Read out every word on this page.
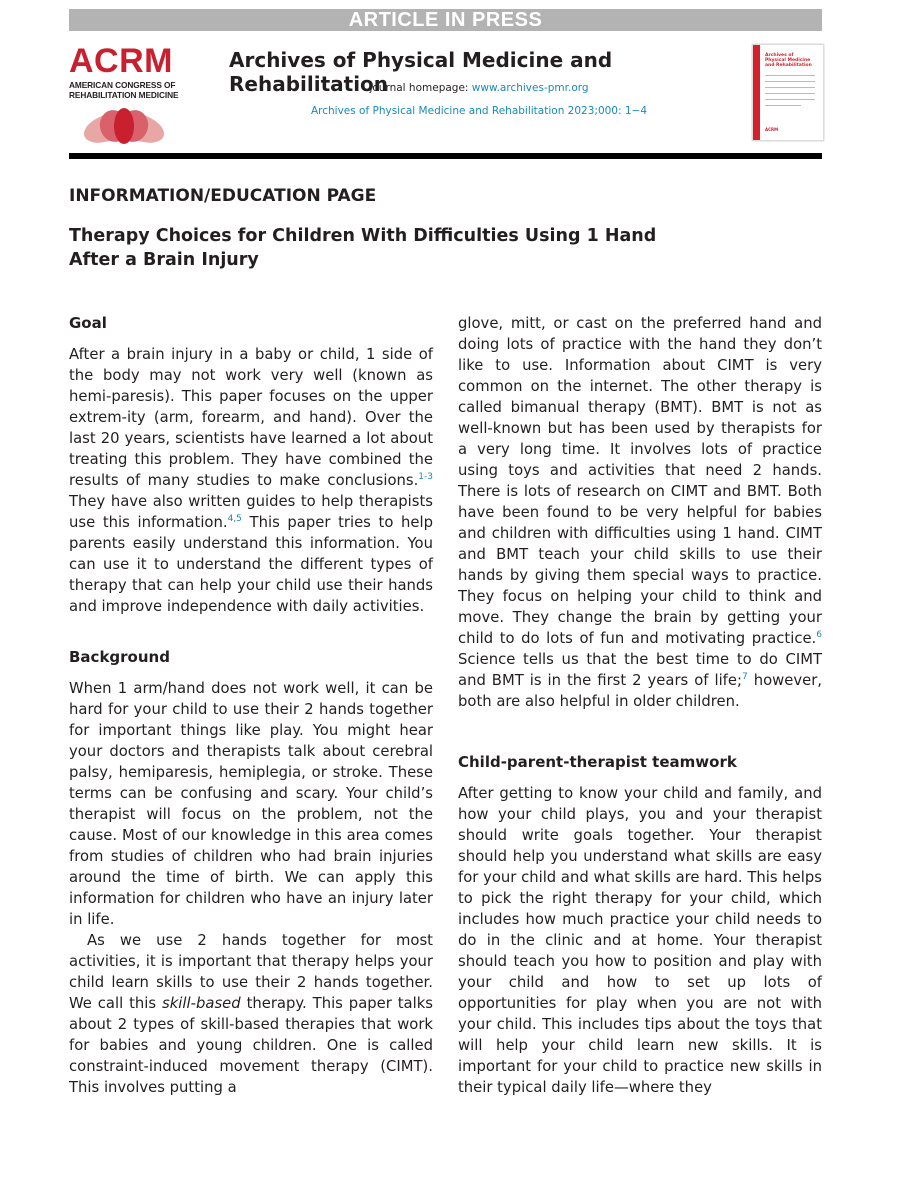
ARTICLE IN PRESS
ACRM
AMERICAN CONGRESS OF
REHABILITATION MEDICINE
Archives of Physical Medicine and Rehabilitation
journal homepage: www.archives-pmr.org
Archives of Physical Medicine and Rehabilitation 2023;000: 1−4
Archives of
Physical Medicine
and Rehabilitation
ACRM
INFORMATION/EDUCATION PAGE
Therapy Choices for Children With Difficulties Using 1 Hand
After a Brain Injury
Goal

After a brain injury in a baby or child, 1 side of the body may not work very well (known as hemi-paresis). This paper focuses on the upper extrem-ity (arm, forearm, and hand). Over the last 20 years, scientists have learned a lot about treating this problem. They have combined the results of many studies to make conclusions.$^{1-3}$ They have also written guides to help therapists use this information.$^{4,5}$ This paper tries to help parents easily understand this information. You can use it to understand the different types of therapy that can help your child use their hands and improve independence with daily activities.

Background

When 1 arm/hand does not work well, it can be hard for your child to use their 2 hands together for important things like play. You might hear your doctors and therapists talk about cerebral palsy, hemiparesis, hemiplegia, or stroke. These terms can be confusing and scary. Your child’s therapist will focus on the problem, not the cause. Most of our knowledge in this area comes from studies of children who had brain injuries around the time of birth. We can apply this information for children who have an injury later in life.

As we use 2 hands together for most activities, it is important that therapy helps your child learn skills to use their 2 hands together. We call this skill-based therapy. This paper talks about 2 types of skill-based therapies that work for babies and young children. One is called constraint-induced movement therapy (CIMT). This involves putting a

glove, mitt, or cast on the preferred hand and doing lots of practice with the hand they don’t like to use. Information about CIMT is very common on the internet. The other therapy is called bimanual therapy (BMT). BMT is not as well-known but has been used by therapists for a very long time. It involves lots of practice using toys and activities that need 2 hands. There is lots of research on CIMT and BMT. Both have been found to be very helpful for babies and children with difficulties using 1 hand. CIMT and BMT teach your child skills to use their hands by giving them special ways to practice. They focus on helping your child to think and move. They change the brain by getting your child to do lots of fun and motivating practice.$^6$ Science tells us that the best time to do CIMT and BMT is in the first 2 years of life;$^7$ however, both are also helpful in older children.

Child-parent-therapist teamwork

After getting to know your child and family, and how your child plays, you and your therapist should write goals together. Your therapist should help you understand what skills are easy for your child and what skills are hard. This helps to pick the right therapy for your child, which includes how much practice your child needs to do in the clinic and at home. Your therapist should teach you how to position and play with your child and how to set up lots of opportunities for play when you are not with your child. This includes tips about the toys that will help your child learn new skills. It is important for your child to practice new skills in their typical daily life—where they
